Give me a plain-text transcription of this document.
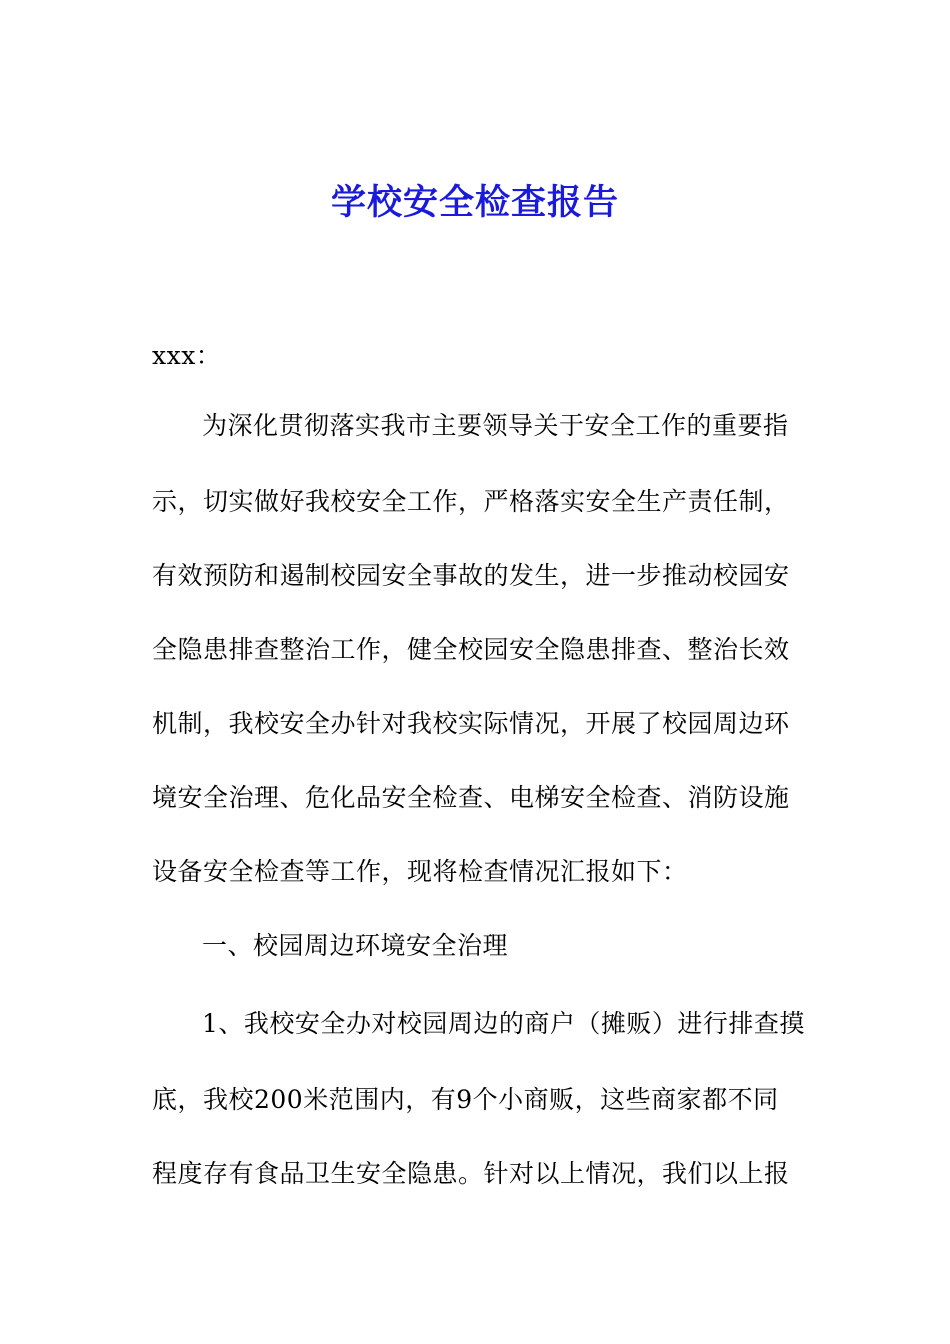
学校安全检查报告
xxx：
为深化贯彻落实我市主要领导关于安全工作的重要指
示，切实做好我校安全工作，严格落实安全生产责任制，
有效预防和遏制校园安全事故的发生，进一步推动校园安
全隐患排查整治工作，健全校园安全隐患排查、整治长效
机制，我校安全办针对我校实际情况，开展了校园周边环
境安全治理、危化品安全检查、电梯安全检查、消防设施
设备安全检查等工作，现将检查情况汇报如下：
一、校园周边环境安全治理
1、我校安全办对校园周边的商户（摊贩）进行排查摸
底，我校200米范围内，有9个小商贩，这些商家都不同
程度存有食品卫生安全隐患。针对以上情况，我们以上报
